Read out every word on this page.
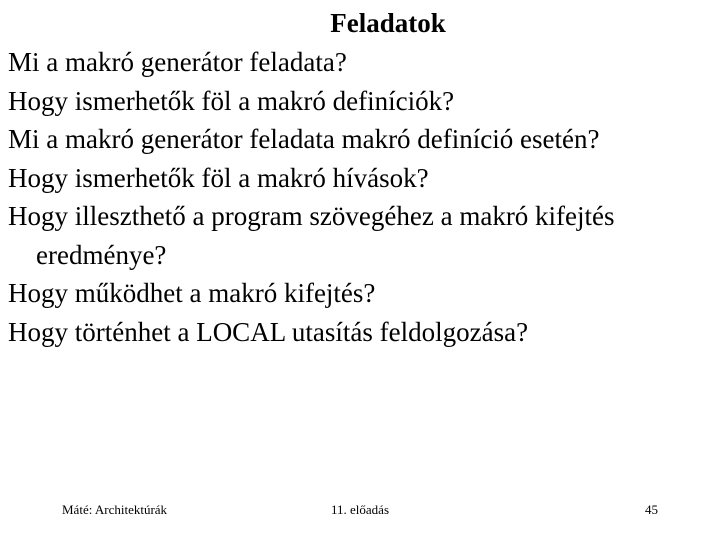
Feladatok
Mi a makró generátor feladata?
Hogy ismerhetők föl a makró definíciók?
Mi a makró generátor feladata makró definíció esetén?
Hogy ismerhetők föl a makró hívások?
Hogy illeszthető a program szövegéhez a makró kifejtés eredménye?
Hogy működhet a makró kifejtés?
Hogy történhet a LOCAL utasítás feldolgozása?
Máté: Architektúrák	11. előadás	45
